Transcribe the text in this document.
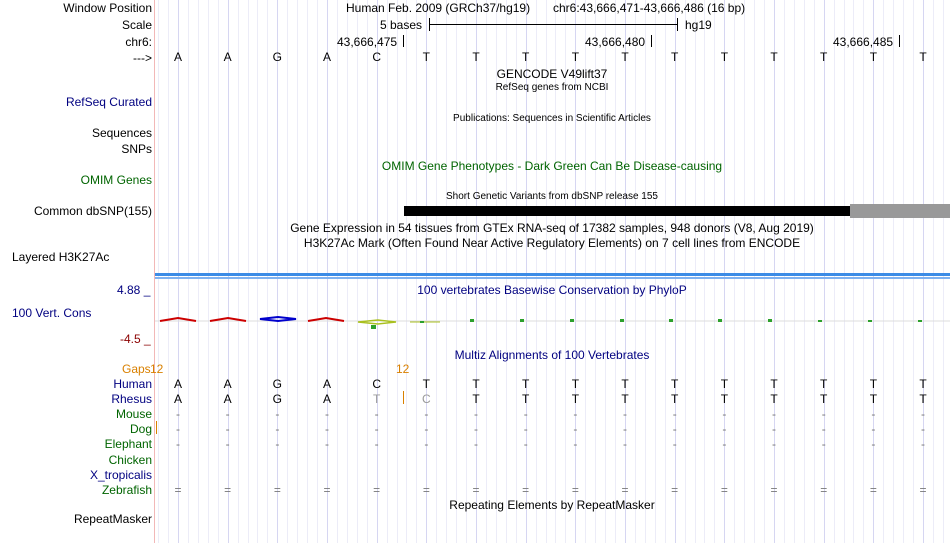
Window Position
Scale
chr6:
--->
RefSeq Curated
Sequences
SNPs
OMIM Genes
Common dbSNP(155)
Layered H3K27Ac
100 Vert. Cons
RepeatMasker
Human Feb. 2009 (GRCh37/hg19) chr6:43,666,471-43,666,486 (16 bp)
5 bases	hg19
43,666,475	43,666,480	43,666,485
A	A	G	A	C	T	T	T	T	T	T	T	T	T	T	T
GENCODE V49lift37
RefSeq genes from NCBI
Publications: Sequences in Scientific Articles
OMIM Gene Phenotypes - Dark Green Can Be Disease-causing
Short Genetic Variants from dbSNP release 155
Gene Expression in 54 tissues from GTEx RNA-seq of 17382 samples, 948 donors (V8, Aug 2019)
H3K27Ac Mark (Often Found Near Active Regulatory Elements) on 7 cell lines from ENCODE
4.88 _	100 vertebrates Basewise Conservation by PhyloP
-4.5 _
Multiz Alignments of 100 Vertebrates
Gaps 12	12
Human	A	A	G	A	C	T	T	T	T	T	T	T	T	T	T	T
Rhesus	A	A	G	A	T	C	T	T	T	T	T	T	T	T	T	T
Mouse	-	-	-	-	-	-	-	-	-	-	-	-	-	-	-	-
Dog	-	-	-	-	-	-	-	-	-	-	-	-	-	-	-	-
Elephant	-	-	-	-	-	-	-	-	-	-	-	-	-	-	-	-
Chicken
X_tropicalis
Zebrafish	=	=	=	=	=	=	=	=	=	=	=	=	=	=	=	=
Repeating Elements by RepeatMasker
